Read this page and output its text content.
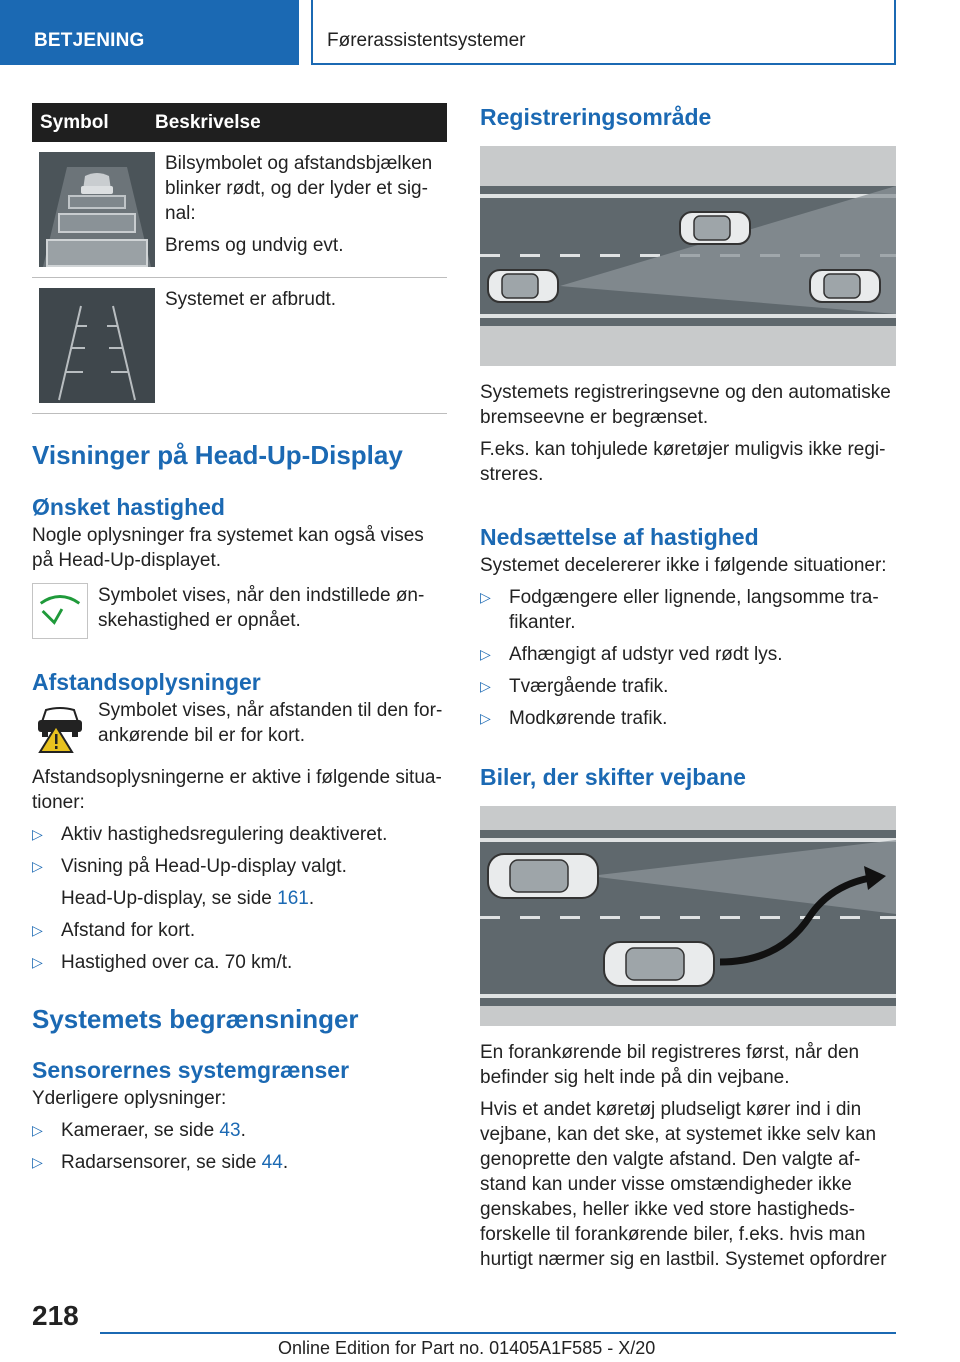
BETJENING	Førerassistentsystemer
Symbol	Beskrivelse

Bilsymbolet og afstandsbjælken blinker rødt, og der lyder et signal:

Brems og undvig evt.

Systemet er afbrudt.

Visninger på Head-Up-Display
Ønsket hastighed

Nogle oplysninger fra systemet kan også vises på Head-Up-displayet.

Symbolet vises, når den indstillede ønskehastighed er opnået.

Afstandsoplysninger

Symbolet vises, når afstanden til den forankørende bil er for kort.

Afstandsoplysningerne er aktive i følgende situationer:

▷ Aktiv hastighedsregulering deaktiveret.
▷ Visning på Head-Up-display valgt.

Head-Up-display, se side 161.

▷ Afstand for kort.
▷ Hastighed over ca. 70 km/t.
Systemets begrænsninger
Sensorernes systemgrænser

Yderligere oplysninger:

▷ Kameraer, se side 43.
▷ Radarsensorer, se side 44.
Registreringsområde

Systemets registreringsevne og den automatiske bremseevne er begrænset.

F.eks. kan tohjulede køretøjer muligvis ikke registreres.

Nedsættelse af hastighed

Systemet decelererer ikke i følgende situationer:

▷ Fodgængere eller lignende, langsomme trafikanter.
▷ Afhængigt af udstyr ved rødt lys.
▷ Tværgående trafik.
▷ Modkørende trafik.
Biler, der skifter vejbane

En forankørende bil registreres først, når den befinder sig helt inde på din vejbane.

Hvis et andet køretøj pludseligt kører ind i din vejbane, kan det ske, at systemet ikke selv kan genoprette den valgte afstand. Den valgte afstand kan under visse omstændigheder ikke genskabes, heller ikke ved store hastighedsforskelle til forankørende biler, f.eks. hvis man hurtigt nærmer sig en lastbil. Systemet opfordrer

218
Online Edition for Part no. 01405A1F585 - X/20
